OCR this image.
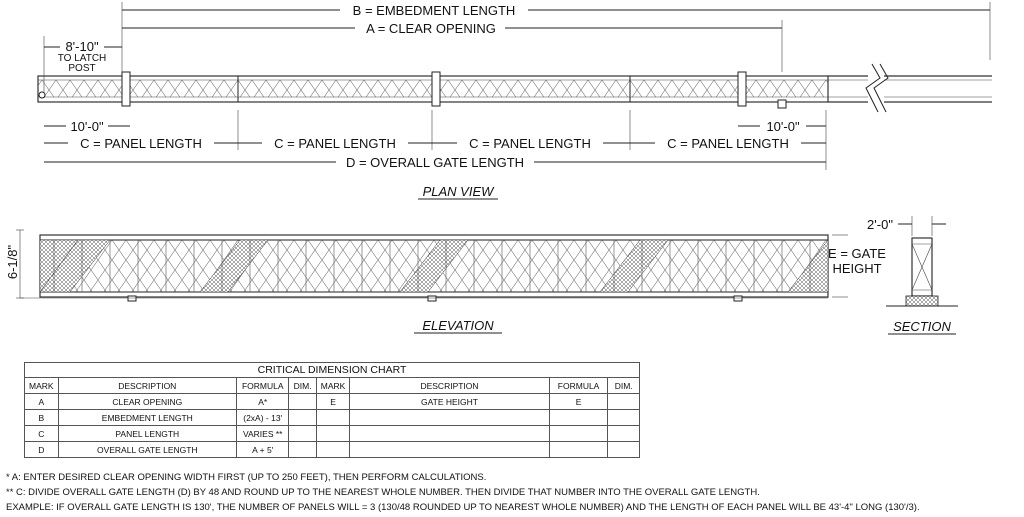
B = EMBEDMENT LENGTH
A = CLEAR OPENING
8'-10"
TO LATCH
POST
10'-0"	10'-0"
C = PANEL LENGTH	C = PANEL LENGTH	C = PANEL LENGTH	C = PANEL LENGTH
D = OVERALL GATE LENGTH
PLAN VIEW
6-1/8"	E = GATE
HEIGHT
ELEVATION
2'-0"
SECTION
CRITICAL DIMENSION CHART
MARK	DESCRIPTION	FORMULA	DIM.	MARK	DESCRIPTION	FORMULA	DIM.
A	CLEAR OPENING	A*		E	GATE HEIGHT	E	
B	EMBEDMENT LENGTH	(2xA) - 13'					
C	PANEL LENGTH	VARIES **					
D	OVERALL GATE LENGTH	A + 5'					
* A: ENTER DESIRED CLEAR OPENING WIDTH FIRST (UP TO 250 FEET), THEN PERFORM CALCULATIONS.
** C: DIVIDE OVERALL GATE LENGTH (D) BY 48 AND ROUND UP TO THE NEAREST WHOLE NUMBER. THEN DIVIDE THAT NUMBER INTO THE OVERALL GATE LENGTH.
EXAMPLE: IF OVERALL GATE LENGTH IS 130', THE NUMBER OF PANELS WILL = 3 (130/48 ROUNDED UP TO NEAREST WHOLE NUMBER) AND THE LENGTH OF EACH PANEL WILL BE 43'-4" LONG (130'/3).
